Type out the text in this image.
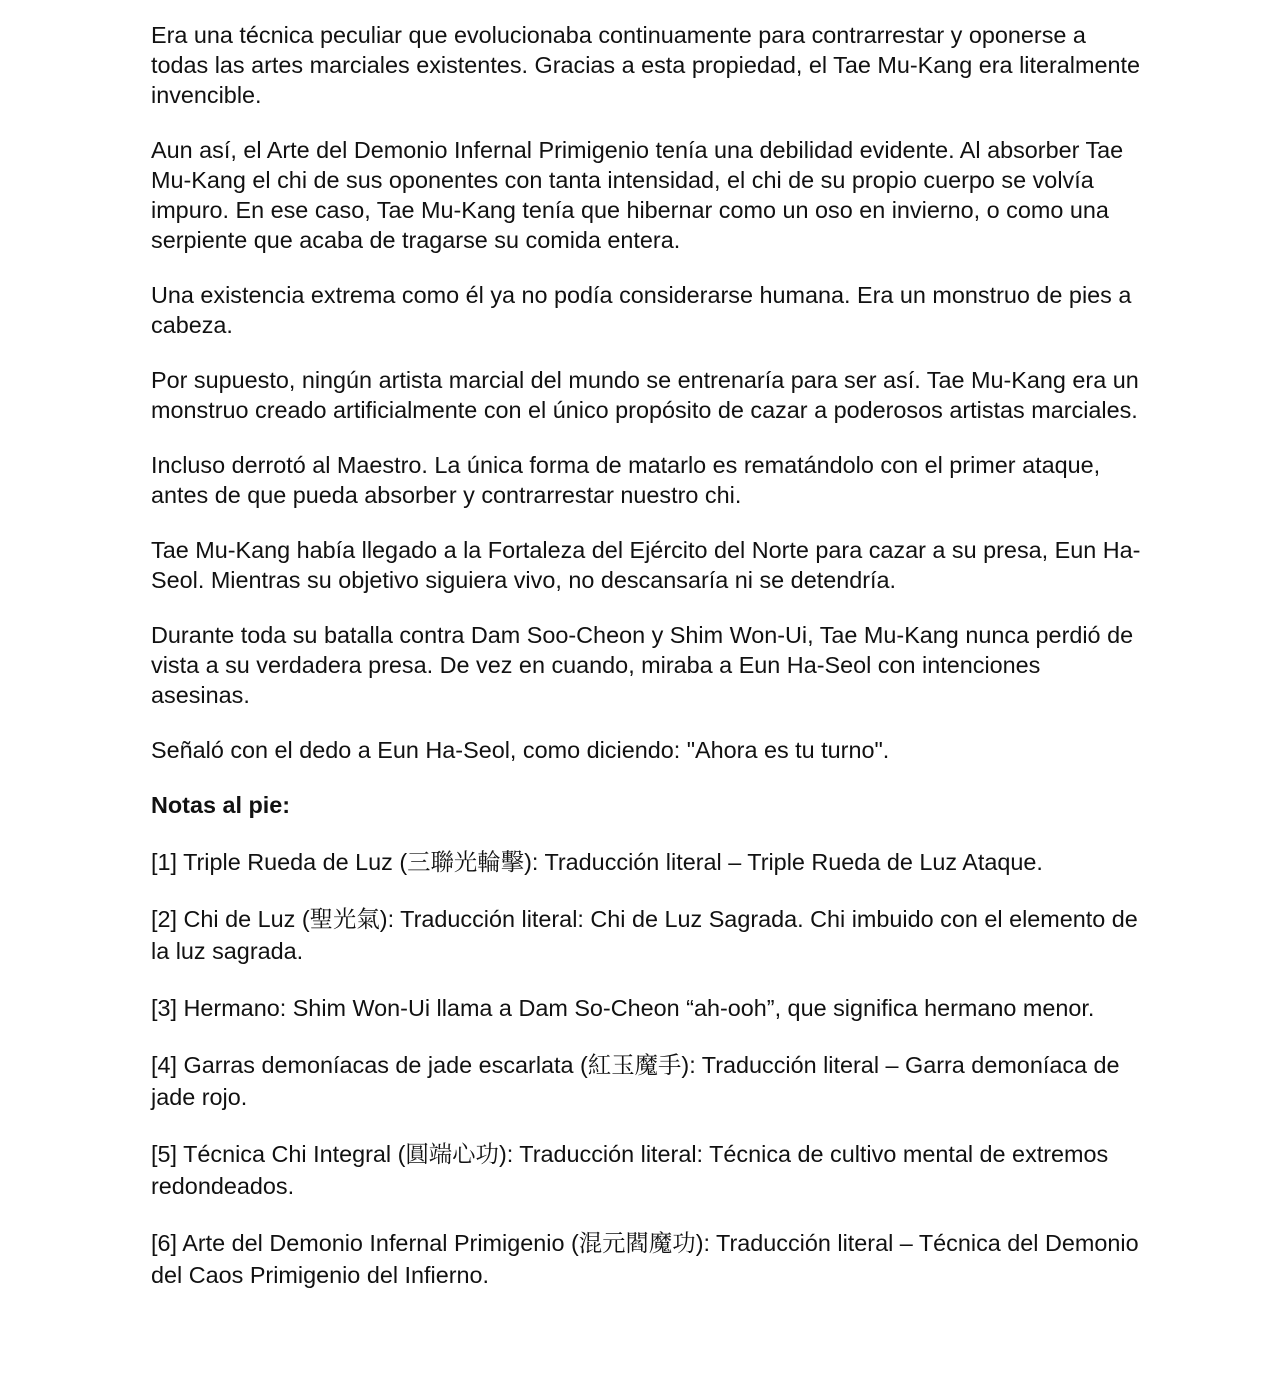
Era una técnica peculiar que evolucionaba continuamente para contrarrestar y oponerse a todas las artes marciales existentes. Gracias a esta propiedad, el Tae Mu-Kang era literalmente invencible.

Aun así, el Arte del Demonio Infernal Primigenio tenía una debilidad evidente. Al absorber Tae Mu-Kang el chi de sus oponentes con tanta intensidad, el chi de su propio cuerpo se volvía impuro. En ese caso, Tae Mu-Kang tenía que hibernar como un oso en invierno, o como una serpiente que acaba de tragarse su comida entera.

Una existencia extrema como él ya no podía considerarse humana. Era un monstruo de pies a cabeza.

Por supuesto, ningún artista marcial del mundo se entrenaría para ser así. Tae Mu-Kang era un monstruo creado artificialmente con el único propósito de cazar a poderosos artistas marciales.

Incluso derrotó al Maestro. La única forma de matarlo es rematándolo con el primer ataque, antes de que pueda absorber y contrarrestar nuestro chi.

Tae Mu-Kang había llegado a la Fortaleza del Ejército del Norte para cazar a su presa, Eun Ha-Seol. Mientras su objetivo siguiera vivo, no descansaría ni se detendría.

Durante toda su batalla contra Dam Soo-Cheon y Shim Won-Ui, Tae Mu-Kang nunca perdió de vista a su verdadera presa. De vez en cuando, miraba a Eun Ha-Seol con intenciones asesinas.

Señaló con el dedo a Eun Ha-Seol, como diciendo: "Ahora es tu turno".

Notas al pie:

[1] Triple Rueda de Luz (三聯光輪擊): Traducción literal – Triple Rueda de Luz Ataque.

[2] Chi de Luz (聖光氣): Traducción literal: Chi de Luz Sagrada. Chi imbuido con el elemento de la luz sagrada.

[3] Hermano: Shim Won-Ui llama a Dam So-Cheon “ah-ooh”, que significa hermano menor.

[4] Garras demoníacas de jade escarlata (紅玉魔手): Traducción literal – Garra demoníaca de jade rojo.

[5] Técnica Chi Integral (圓端心功): Traducción literal: Técnica de cultivo mental de extremos redondeados.

[6] Arte del Demonio Infernal Primigenio (混元閻魔功): Traducción literal – Técnica del Demonio del Caos Primigenio del Infierno.
